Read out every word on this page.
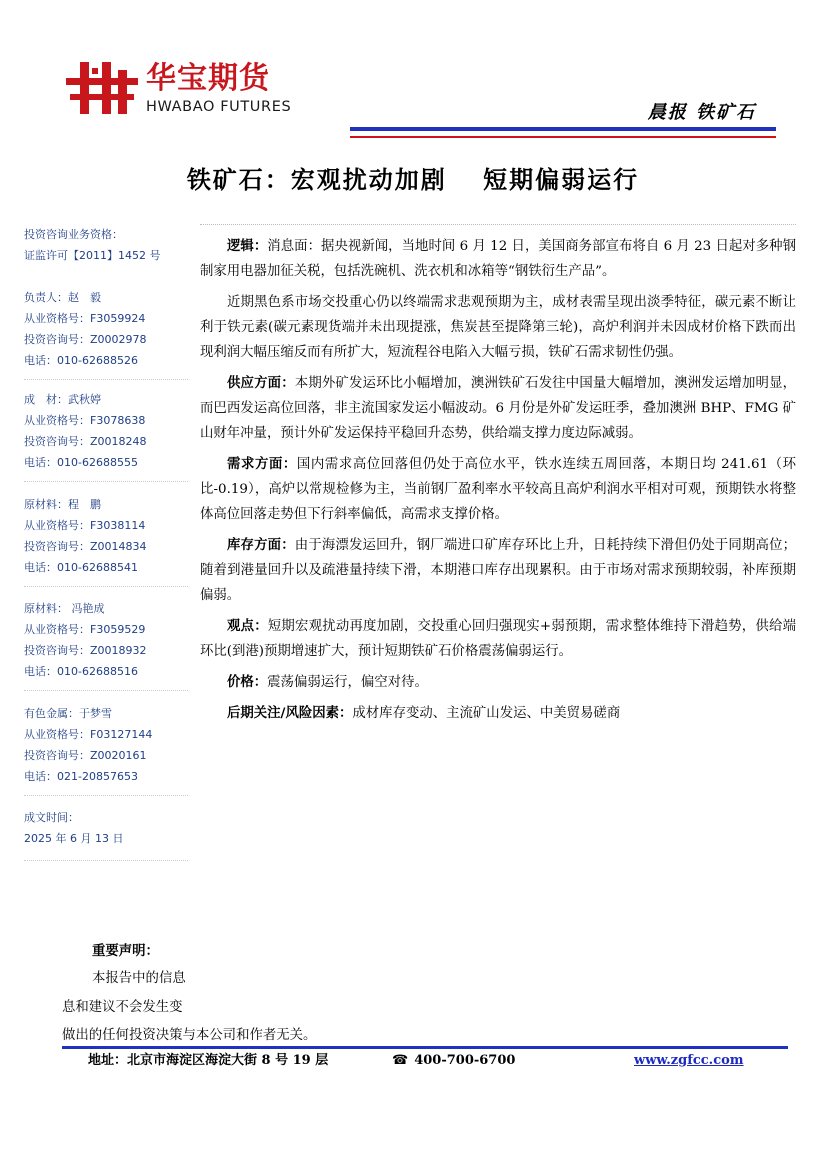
华宝期货
HWABAO FUTURES	晨报 铁矿石
铁矿石：宏观扰动加剧　 短期偏弱运行
投资咨询业务资格：
证监许可【2011】1452 号
负责人：赵　毅
从业资格号：F3059924
投资咨询号：Z0002978
电话：010-62688526
成　材：武秋婷
从业资格号：F3078638
投资咨询号：Z0018248
电话：010-62688555
原材料：程　鹏
从业资格号：F3038114
投资咨询号：Z0014834
电话：010-62688541
原材料： 冯艳成
从业资格号：F3059529
投资咨询号：Z0018932
电话：010-62688516
有色金属：于梦雪
从业资格号：F03127144
投资咨询号：Z0020161
电话：021-20857653
成文时间：
2025 年 6 月 13 日

逻辑：消息面：据央视新闻，当地时间 6 月 12 日，美国商务部宣布将自 6 月 23 日起对多种钢制家用电器加征关税，包括洗碗机、洗衣机和冰箱等“钢铁衍生产品”。

近期黑色系市场交投重心仍以终端需求悲观预期为主，成材表需呈现出淡季特征，碳元素不断让利于铁元素(碳元素现货端并未出现提涨，焦炭甚至提降第三轮)，高炉利润并未因成材价格下跌而出现利润大幅压缩反而有所扩大，短流程谷电陷入大幅亏损，铁矿石需求韧性仍强。

供应方面：本期外矿发运环比小幅增加，澳洲铁矿石发往中国量大幅增加，澳洲发运增加明显，而巴西发运高位回落，非主流国家发运小幅波动。6 月份是外矿发运旺季，叠加澳洲 BHP、FMG 矿山财年冲量，预计外矿发运保持平稳回升态势，供给端支撑力度边际减弱。

需求方面：国内需求高位回落但仍处于高位水平，铁水连续五周回落，本期日均 241.61（环比-0.19），高炉以常规检修为主，当前钢厂盈利率水平较高且高炉利润水平相对可观，预期铁水将整体高位回落走势但下行斜率偏低，高需求支撑价格。

库存方面：由于海漂发运回升，钢厂端进口矿库存环比上升，日耗持续下滑但仍处于同期高位；随着到港量回升以及疏港量持续下滑，本期港口库存出现累积。由于市场对需求预期较弱，补库预期偏弱。

观点：短期宏观扰动再度加剧，交投重心回归强现实+弱预期，需求整体维持下滑趋势，供给端环比(到港)预期增速扩大，预计短期铁矿石价格震荡偏弱运行。

价格：震荡偏弱运行，偏空对待。

后期关注/风险因素：成材库存变动、主流矿山发运、中美贸易磋商

重要声明：
本报告中的信息
息和建议不会发生变
做出的任何投资决策与本公司和作者无关。
地址：北京市海淀区海淀大街 8 号 19 层	☎ 400-700-6700	www.zgfcc.com
